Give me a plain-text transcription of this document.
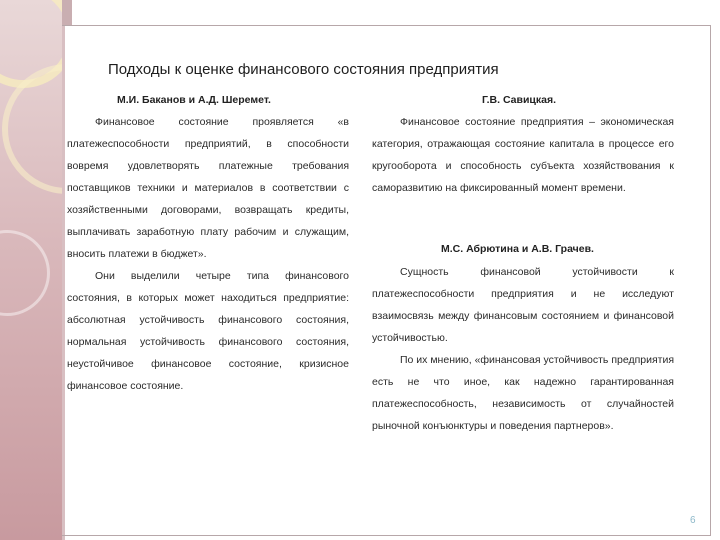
Подходы к оценке финансового состояния предприятия
М.И. Баканов и А.Д. Шеремет.

Финансовое состояние проявляется «в платежеспособности предприятий, в способности вовремя удовлетворять платежные требования поставщиков техники и материалов в соответствии с хозяйственными договорами, возвращать кредиты, выплачивать заработную плату рабочим и служащим, вносить платежи в бюджет».

Они выделили четыре типа финансового состояния, в которых может находиться предприятие: абсолютная устойчивость финансового состояния, нормальная устойчивость финансового состояния, неустойчивое финансовое состояние, кризисное финансовое состояние.

Г.В. Савицкая.

Финансовое состояние предприятия – экономическая категория, отражающая состояние капитала в процессе его кругооборота и способность субъекта хозяйствования к саморазвитию на фиксированный момент времени.

М.С. Абрютина и А.В. Грачев.

Сущность финансовой устойчивости к платежеспособности предприятия и не исследуют взаимосвязь между финансовым состоянием и финансовой устойчивостью.

По их мнению, «финансовая устойчивость предприятия есть не что иное, как надежно гарантированная платежеспособность, независимость от случайностей рыночной конъюнктуры и поведения партнеров».

6
